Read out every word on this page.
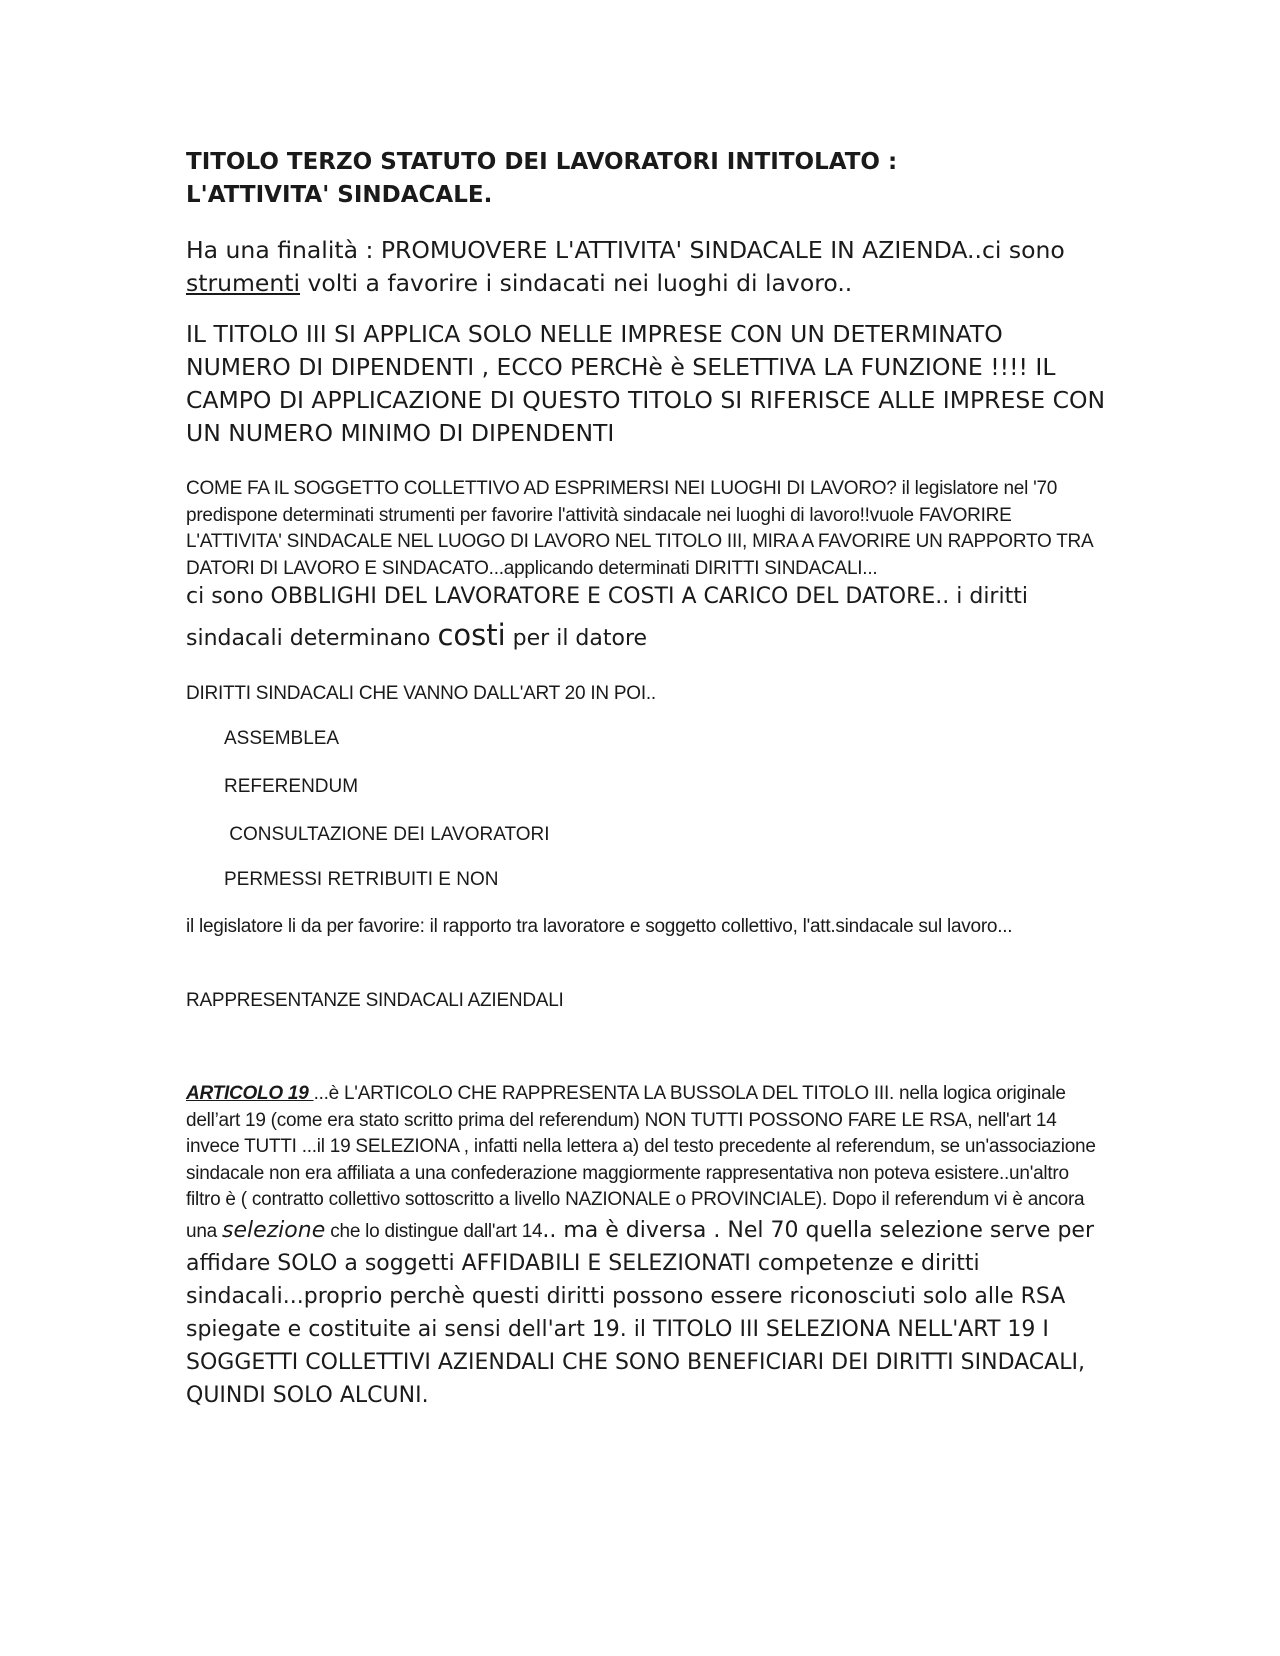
TITOLO TERZO STATUTO DEI LAVORATORI INTITOLATO :
L'ATTIVITA' SINDACALE.
Ha una finalità : PROMUOVERE L'ATTIVITA' SINDACALE IN AZIENDA..ci sono strumenti volti a favorire i sindacati nei luoghi di lavoro..
IL TITOLO III SI APPLICA SOLO NELLE IMPRESE CON UN DETERMINATO NUMERO DI DIPENDENTI , ECCO PERCHè è SELETTIVA LA FUNZIONE !!!! IL CAMPO DI APPLICAZIONE DI QUESTO TITOLO SI RIFERISCE ALLE IMPRESE CON UN NUMERO MINIMO DI DIPENDENTI
COME FA IL SOGGETTO COLLETTIVO AD ESPRIMERSI NEI LUOGHI DI LAVORO? il legislatore nel '70 predispone determinati strumenti per favorire l'attività sindacale nei luoghi di lavoro!!vuole FAVORIRE L'ATTIVITA' SINDACALE NEL LUOGO DI LAVORO NEL TITOLO III, MIRA A FAVORIRE UN RAPPORTO TRA DATORI DI LAVORO E SINDACATO...applicando determinati DIRITTI SINDACALI...
ci sono OBBLIGHI DEL LAVORATORE E COSTI A CARICO DEL DATORE.. i diritti sindacali determinano costi per il datore
DIRITTI SINDACALI CHE VANNO DALL'ART 20 IN POI..
ASSEMBLEA
REFERENDUM
CONSULTAZIONE DEI LAVORATORI
PERMESSI RETRIBUITI E NON
il legislatore li da per favorire: il rapporto tra lavoratore e soggetto collettivo, l'att.sindacale sul lavoro...
RAPPRESENTANZE SINDACALI AZIENDALI
ARTICOLO 19 ...è L'ARTICOLO CHE RAPPRESENTA LA BUSSOLA DEL TITOLO III. nella logica originale dell’art 19 (come era stato scritto prima del referendum) NON TUTTI POSSONO FARE LE RSA, nell'art 14 invece TUTTI ...il 19 SELEZIONA , infatti nella lettera a) del testo precedente al referendum, se un'associazione sindacale non era affiliata a una confederazione maggiormente rappresentativa non poteva esistere..un'altro filtro è ( contratto collettivo sottoscritto a livello NAZIONALE o PROVINCIALE). Dopo il referendum vi è ancora una selezione che lo distingue dall'art 14.. ma è diversa . Nel 70 quella selezione serve per affidare SOLO a soggetti AFFIDABILI E SELEZIONATI competenze e diritti sindacali...proprio perchè questi diritti possono essere riconosciuti solo alle RSA spiegate e costituite ai sensi dell'art 19. il TITOLO III SELEZIONA NELL'ART 19 I SOGGETTI COLLETTIVI AZIENDALI CHE SONO BENEFICIARI DEI DIRITTI SINDACALI, QUINDI SOLO ALCUNI.
